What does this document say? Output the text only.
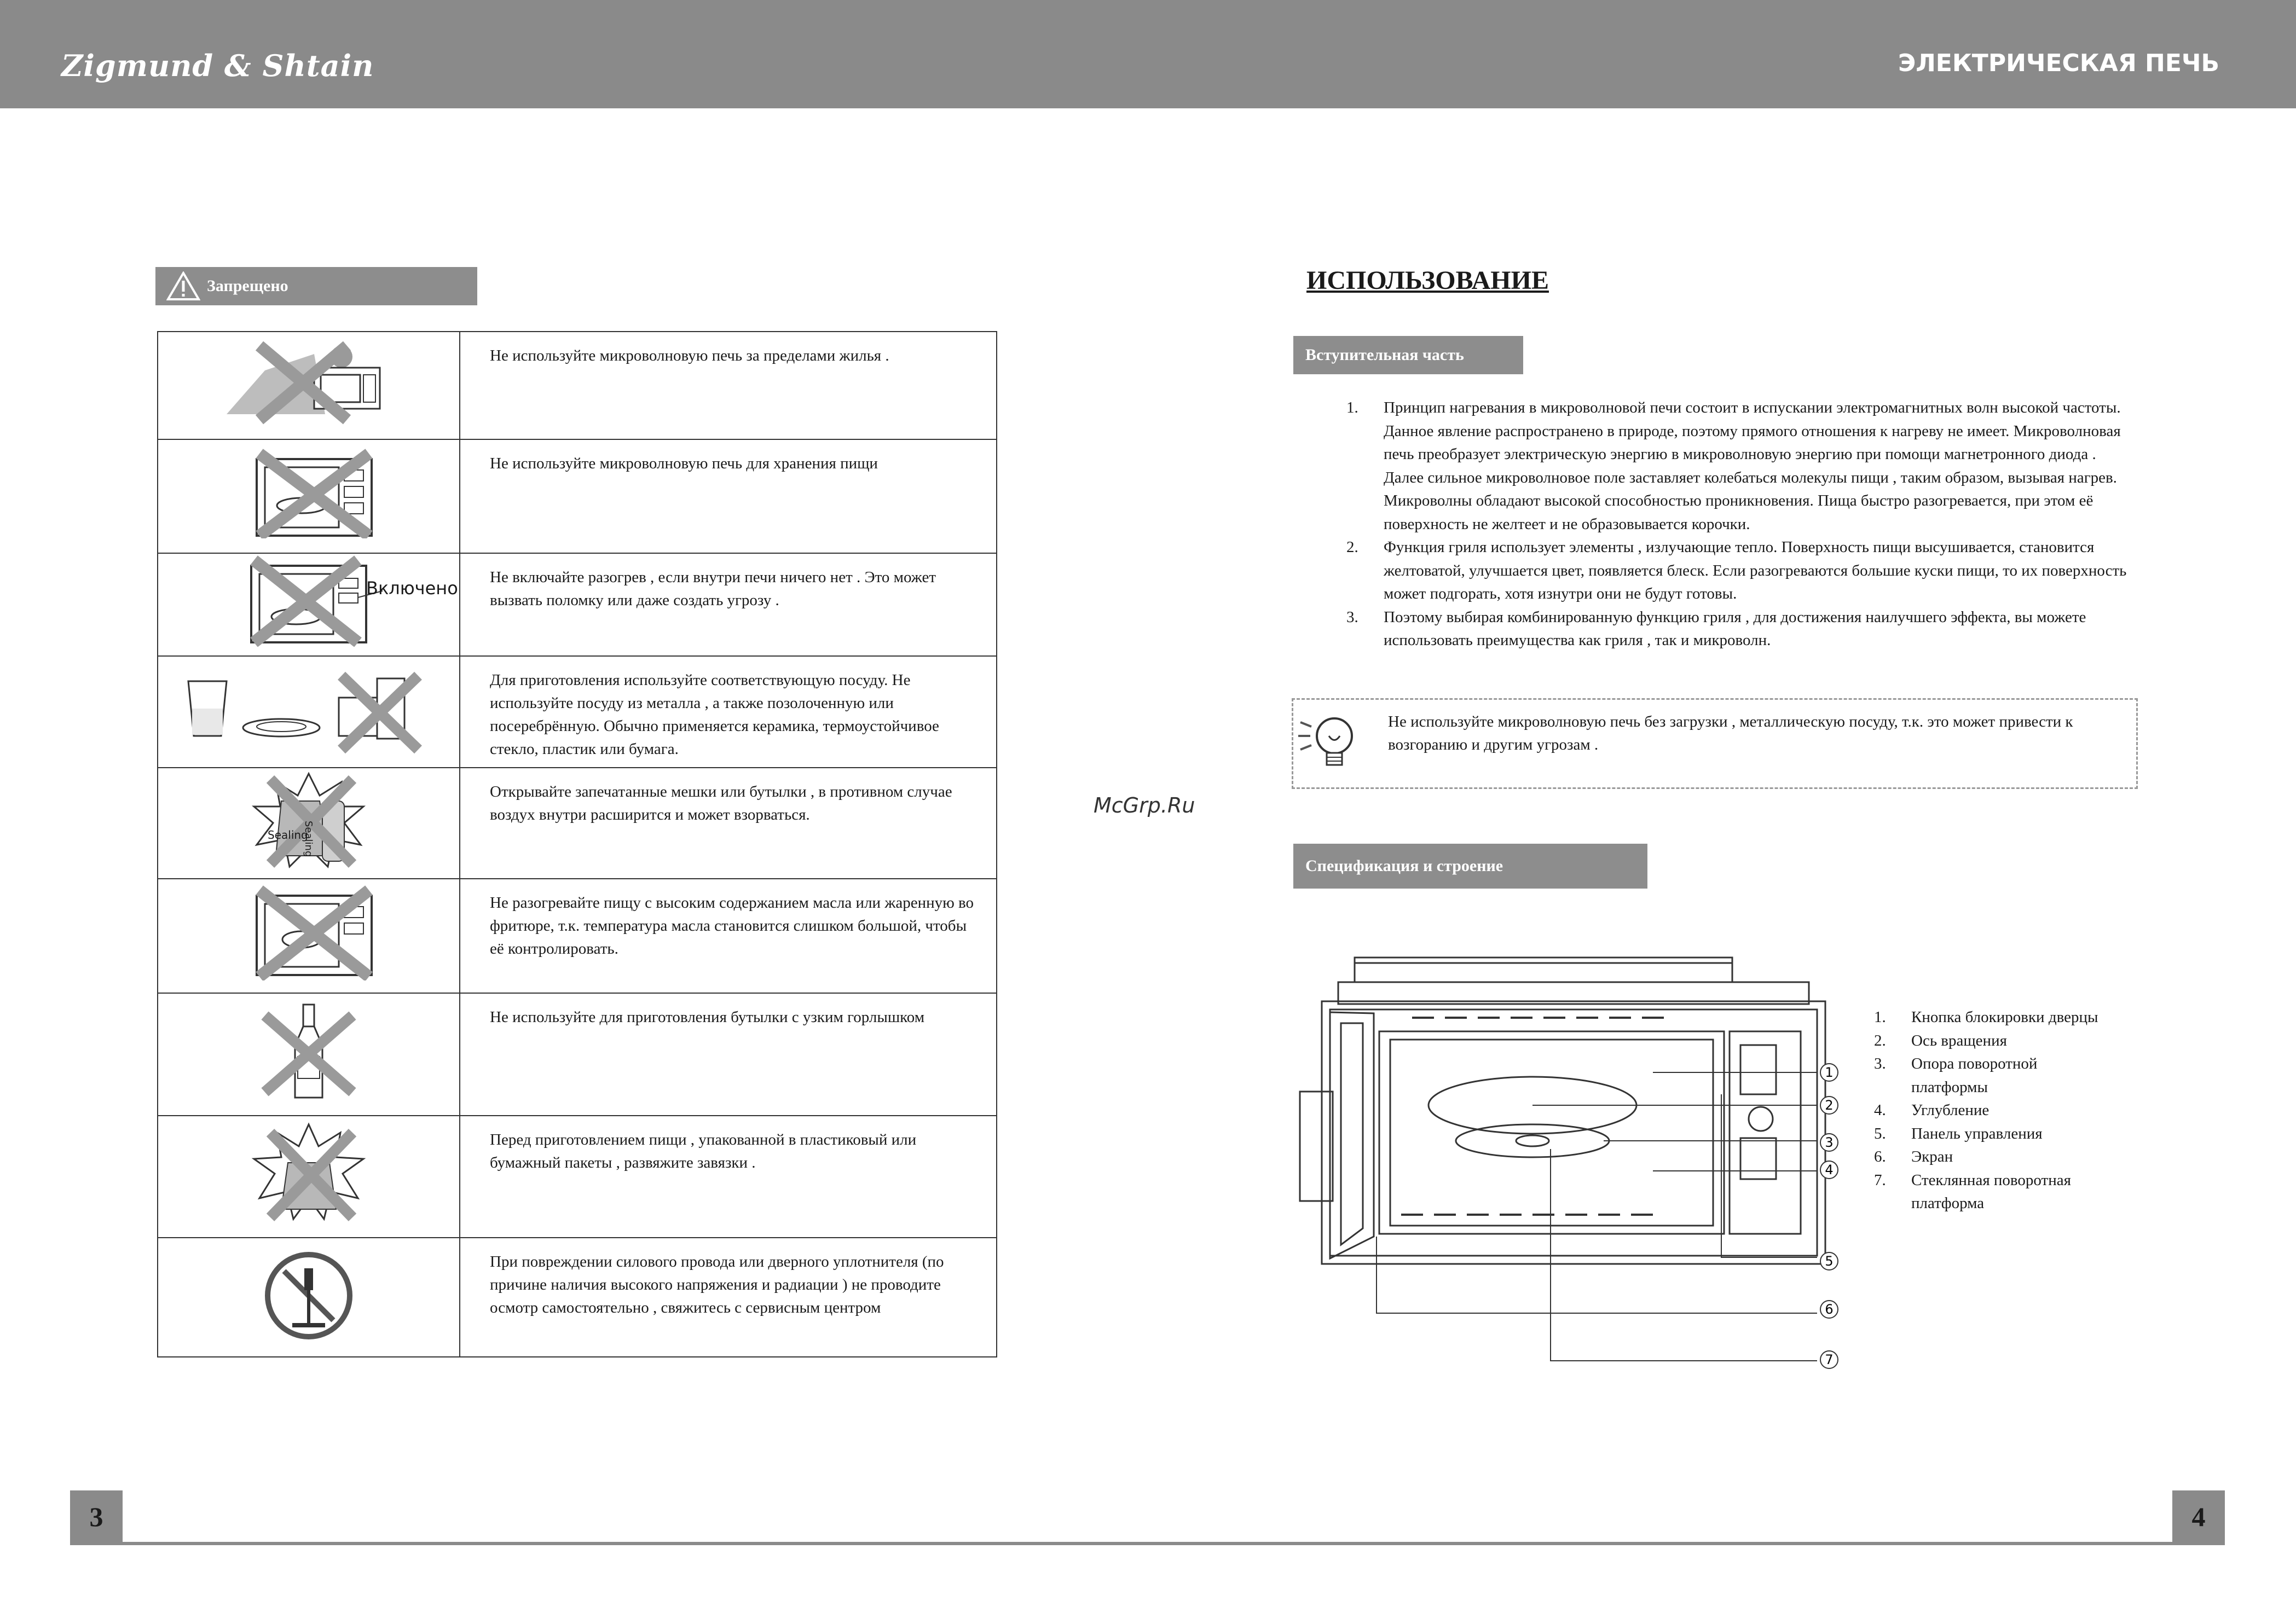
Zigmund & Shtain	ЭЛЕКТРИЧЕСКАЯ ПЕЧЬ
Запрещено
	Не используйте микроволновую печь за пределами жилья .

	Не используйте микроволновую печь для хранения пищи

Включено	Не включайте разогрев , если внутри печи ничего нет . Это может вызвать поломку или даже создать угрозу .

	Для приготовления используйте соответствующую посуду. Не используйте посуду из металла , а также позолоченную или посеребрённую. Обычно применяется керамика, термоустойчивое стекло, пластик или бумага.

Sealing
Sealing	Открывайте запечатанные мешки или бутылки , в противном случае воздух внутри расширится и может взорваться.

	Не разогревайте пищу с высоким содержанием масла или жаренную во фритюре, т.к. температура масла становится слишком большой, чтобы её контролировать.

	Не используйте для приготовления бутылки с узким горлышком

	Перед приготовлением пищи , упакованной в пластиковый или бумажный пакеты , развяжите завязки .

	При повреждении силового провода или дверного уплотнителя (по причине наличия высокого напряжения и радиации ) не проводите осмотр самостоятельно , свяжитесь с сервисным центром
3
McGrp.Ru
ИСПОЛЬЗОВАНИЕ
Вступительная часть
1. Принцип нагревания в микроволновой печи состоит в испускании электромагнитных волн высокой частоты. Данное явление распространено в природе, поэтому прямого отношения к нагреву не имеет. Микроволновая печь преобразует электрическую энергию в микроволновую энергию при помощи магнетронного диода . Далее сильное микроволновое поле заставляет колебаться молекулы пищи , таким образом, вызывая нагрев. Микроволны обладают высокой способностью проникновения. Пища быстро разогревается, при этом её поверхность не желтеет и не образовывается корочки.
2. Функция гриля использует элементы , излучающие тепло. Поверхность пищи высушивается, становится желтоватой, улучшается цвет, появляется блеск. Если разогреваются большие куски пищи, то их поверхность может подгорать, хотя изнутри они не будут готовы.
3. Поэтому выбирая комбинированную функцию гриля , для достижения наилучшего эффекта, вы можете использовать преимущества как гриля , так и микроволн.
Не используйте микроволновую печь без загрузки , металлическую посуду, т.к. это может привести к возгоранию и другим угрозам .
Спецификация и строение
1
2
3
4
5
6
7
1. Кнопка блокировки дверцы
2. Ось вращения
3. Опора поворотной платформы
4. Углубление
5. Панель управления
6. Экран
7. Стеклянная поворотная платформа
4
